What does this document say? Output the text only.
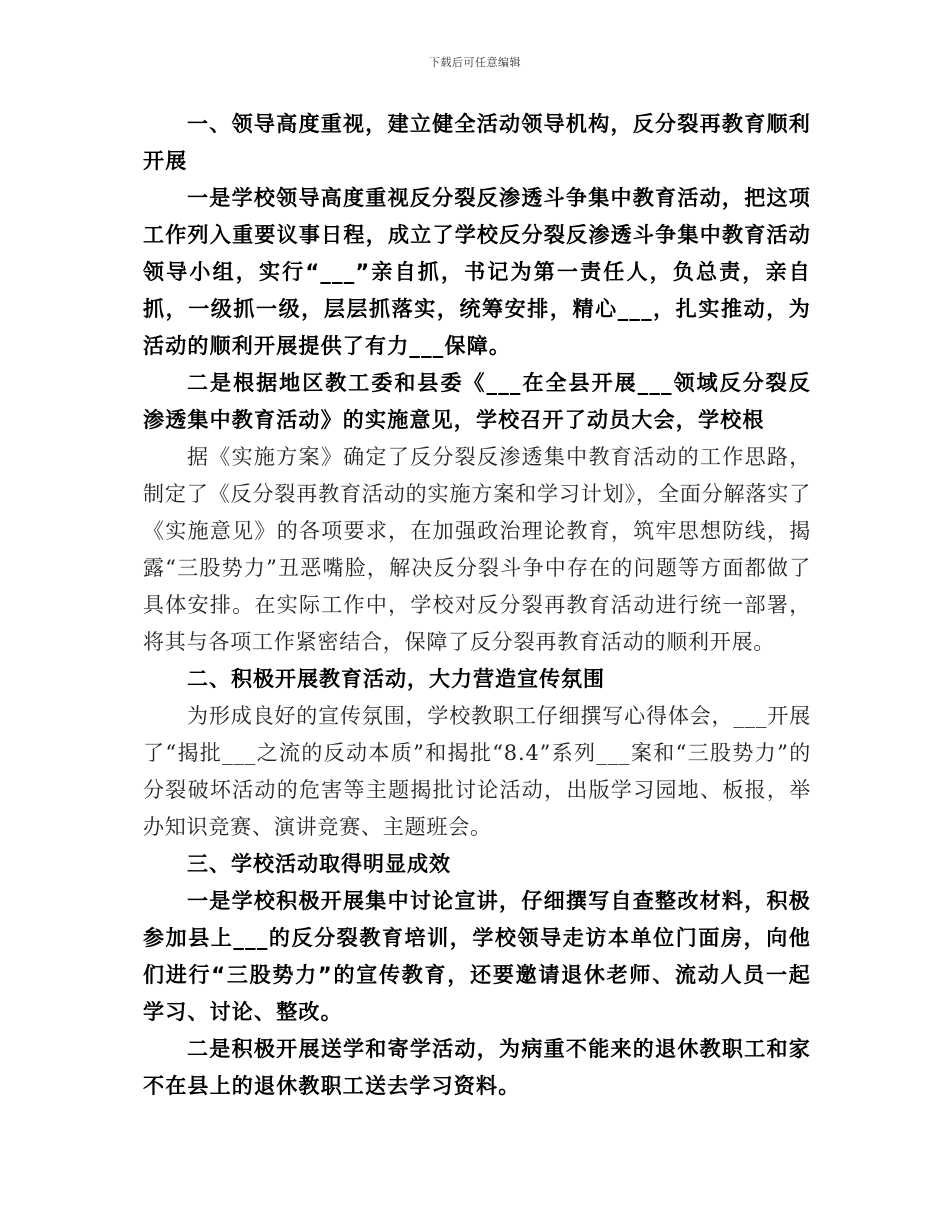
下载后可任意编辑

一、领导高度重视，建立健全活动领导机构，反分裂再教育顺利开展

一是学校领导高度重视反分裂反渗透斗争集中教育活动，把这项工作列入重要议事日程，成立了学校反分裂反渗透斗争集中教育活动领导小组，实行“___”亲自抓，书记为第一责任人，负总责，亲自抓，一级抓一级，层层抓落实，统筹安排，精心___，扎实推动，为活动的顺利开展提供了有力___保障。

二是根据地区教工委和县委《___在全县开展___领域反分裂反渗透集中教育活动》的实施意见，学校召开了动员大会，学校根

据《实施方案》确定了反分裂反渗透集中教育活动的工作思路，制定了《反分裂再教育活动的实施方案和学习计划》，全面分解落实了《实施意见》的各项要求，在加强政治理论教育，筑牢思想防线，揭露“三股势力”丑恶嘴脸，解决反分裂斗争中存在的问题等方面都做了具体安排。在实际工作中，学校对反分裂再教育活动进行统一部署，将其与各项工作紧密结合，保障了反分裂再教育活动的顺利开展。

二、积极开展教育活动，大力营造宣传氛围

为形成良好的宣传氛围，学校教职工仔细撰写心得体会，___开展了“揭批___之流的反动本质”和揭批“8.4”系列___案和“三股势力”的分裂破坏活动的危害等主题揭批讨论活动，出版学习园地、板报，举办知识竞赛、演讲竞赛、主题班会。

三、学校活动取得明显成效

一是学校积极开展集中讨论宣讲，仔细撰写自查整改材料，积极参加县上___的反分裂教育培训，学校领导走访本单位门面房，向他们进行“三股势力”的宣传教育，还要邀请退休老师、流动人员一起学习、讨论、整改。

二是积极开展送学和寄学活动，为病重不能来的退休教职工和家不在县上的退休教职工送去学习资料。
